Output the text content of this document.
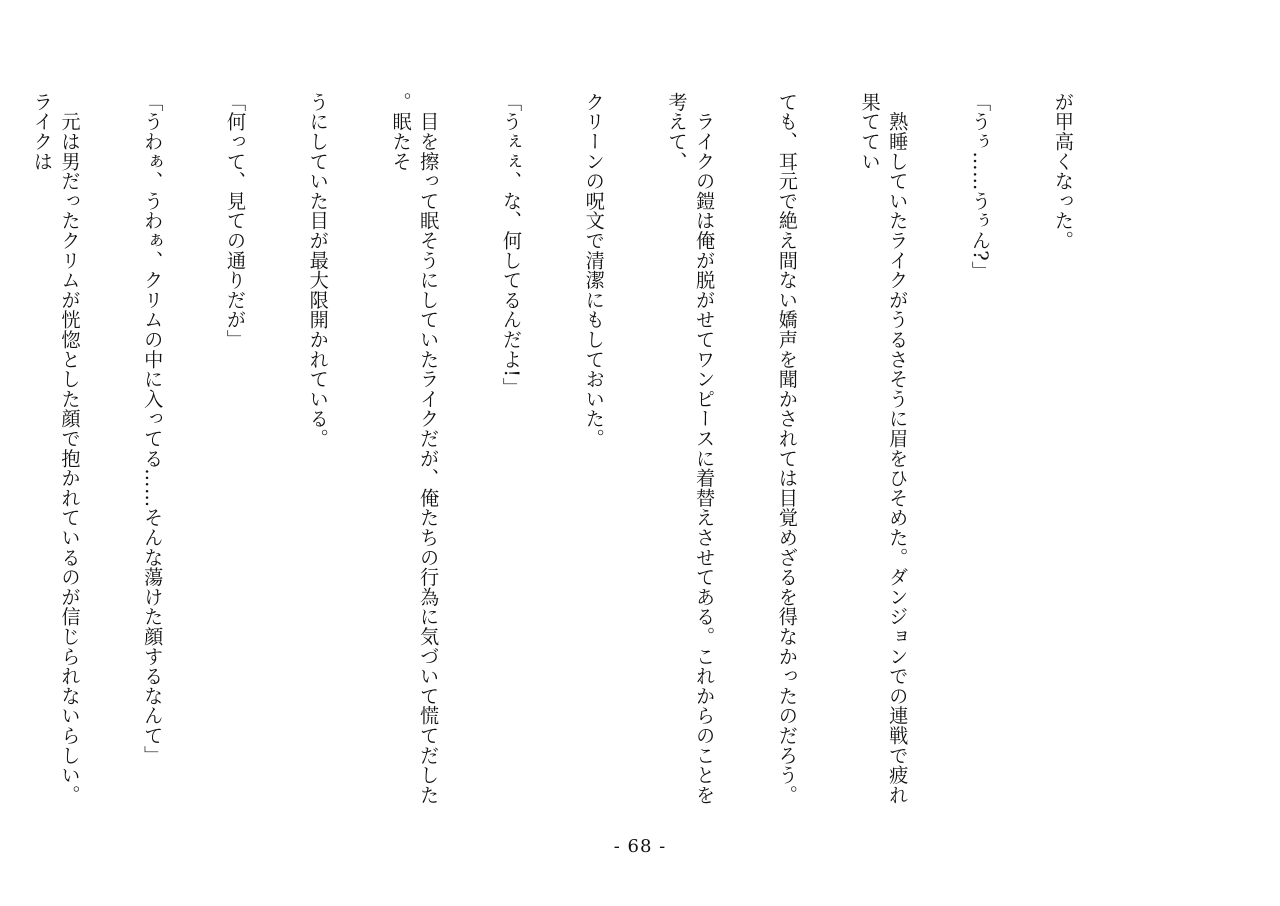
が甲高くなった。

「うぅ……うぅん?」

　熟睡していたライクがうるさそうに眉をひそめた。ダンジョンでの連戦で疲れ果ててい

ても、耳元で絶え間ない嬌声を聞かされては目覚めざるを得なかったのだろう。

　ライクの鎧は俺が脱がせてワンピースに着替えさせてある。これからのことを考えて、

クリーンの呪文で清潔にもしておいた。

「うぇぇ、な、何してるんだよ!」

　目を擦って眠そうにしていたライクだが、俺たちの行為に気づいて慌てだした。眠たそ

うにしていた目が最大限開かれている。

「何って、見ての通りだが」

「うわぁ、うわぁ、クリムの中に入ってる……そんな蕩けた顔するなんて」

　元は男だったクリムが恍惚とした顔で抱かれているのが信じられないらしい。ライクは

- 68 -
